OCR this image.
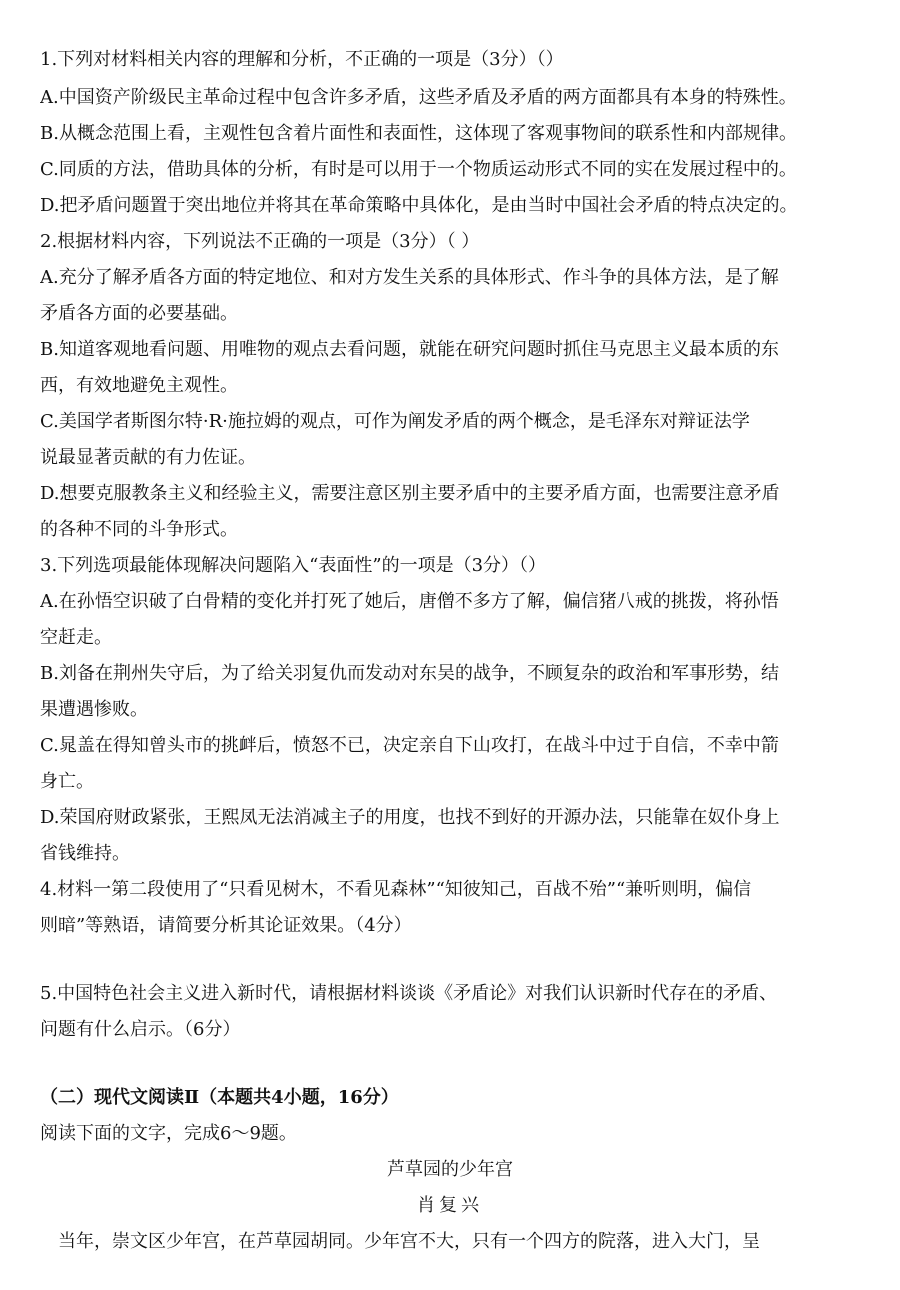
1.下列对材料相关内容的理解和分析，不正确的一项是（3分）（）
A.中国资产阶级民主革命过程中包含许多矛盾，这些矛盾及矛盾的两方面都具有本身的特殊性。
B.从概念范围上看，主观性包含着片面性和表面性，这体现了客观事物间的联系性和内部规律。
C.同质的方法，借助具体的分析，有时是可以用于一个物质运动形式不同的实在发展过程中的。
D.把矛盾问题置于突出地位并将其在革命策略中具体化，是由当时中国社会矛盾的特点决定的。
2.根据材料内容，下列说法不正确的一项是（3分）（ ）
A.充分了解矛盾各方面的特定地位、和对方发生关系的具体形式、作斗争的具体方法，是了解
矛盾各方面的必要基础。
B.知道客观地看问题、用唯物的观点去看问题，就能在研究问题时抓住马克思主义最本质的东
西，有效地避免主观性。
C.美国学者斯图尔特·R·施拉姆的观点，可作为阐发矛盾的两个概念，是毛泽东对辩证法学
说最显著贡献的有力佐证。
D.想要克服教条主义和经验主义，需要注意区别主要矛盾中的主要矛盾方面，也需要注意矛盾
的各种不同的斗争形式。
3.下列选项最能体现解决问题陷入“表面性”的一项是（3分）（）
A.在孙悟空识破了白骨精的变化并打死了她后，唐僧不多方了解，偏信猪八戒的挑拨，将孙悟
空赶走。
B.刘备在荆州失守后，为了给关羽复仇而发动对东吴的战争，不顾复杂的政治和军事形势，结
果遭遇惨败。
C.晁盖在得知曾头市的挑衅后，愤怒不已，决定亲自下山攻打，在战斗中过于自信，不幸中箭
身亡。
D.荣国府财政紧张，王熙凤无法消减主子的用度，也找不到好的开源办法，只能靠在奴仆身上
省钱维持。
4.材料一第二段使用了“只看见树木，不看见森林”“知彼知己，百战不殆”“兼听则明，偏信
则暗”等熟语，请简要分析其论证效果。（4分）
5.中国特色社会主义进入新时代，请根据材料谈谈《矛盾论》对我们认识新时代存在的矛盾、
问题有什么启示。（6分）
（二）现代文阅读Ⅱ（本题共4小题，16分）
阅读下面的文字，完成6～9题。
芦草园的少年宫
肖复兴
当年，崇文区少年宫，在芦草园胡同。少年宫不大，只有一个四方的院落，进入大门，呈
